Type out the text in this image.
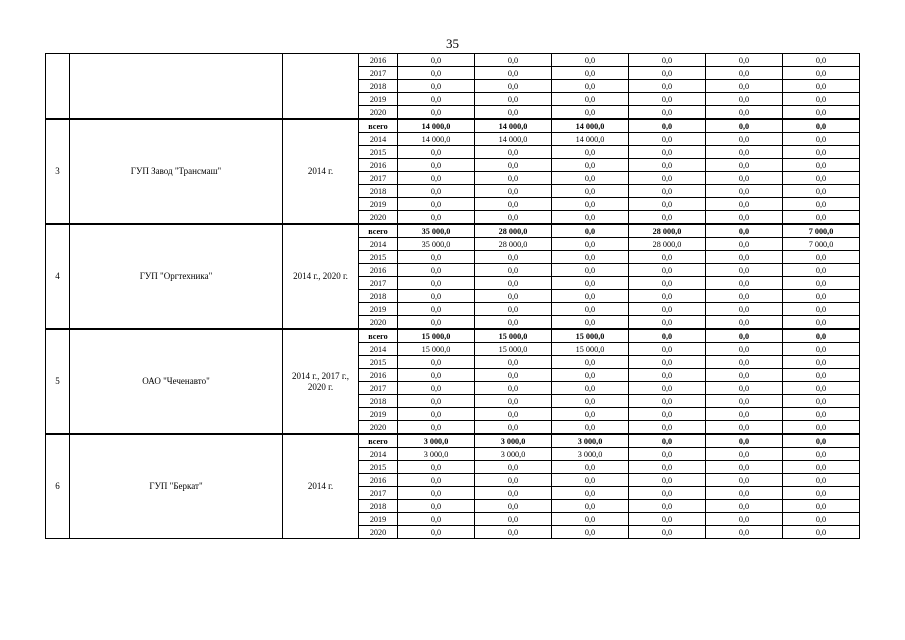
35
			2016	0,0	0,0	0,0	0,0	0,0	0,0
			2017	0,0	0,0	0,0	0,0	0,0	0,0
			2018	0,0	0,0	0,0	0,0	0,0	0,0
			2019	0,0	0,0	0,0	0,0	0,0	0,0
			2020	0,0	0,0	0,0	0,0	0,0	0,0
3	ГУП Завод "Трансмаш"	2014 г.	всего	14 000,0	14 000,0	14 000,0	0,0	0,0	0,0
			2014	14 000,0	14 000,0	14 000,0	0,0	0,0	0,0
			2015	0,0	0,0	0,0	0,0	0,0	0,0
			2016	0,0	0,0	0,0	0,0	0,0	0,0
			2017	0,0	0,0	0,0	0,0	0,0	0,0
			2018	0,0	0,0	0,0	0,0	0,0	0,0
			2019	0,0	0,0	0,0	0,0	0,0	0,0
			2020	0,0	0,0	0,0	0,0	0,0	0,0
4	ГУП "Оргтехника"	2014 г., 2020 г.	всего	35 000,0	28 000,0	0,0	28 000,0	0,0	7 000,0
			2014	35 000,0	28 000,0	0,0	28 000,0	0,0	7 000,0
			2015	0,0	0,0	0,0	0,0	0,0	0,0
			2016	0,0	0,0	0,0	0,0	0,0	0,0
			2017	0,0	0,0	0,0	0,0	0,0	0,0
			2018	0,0	0,0	0,0	0,0	0,0	0,0
			2019	0,0	0,0	0,0	0,0	0,0	0,0
			2020	0,0	0,0	0,0	0,0	0,0	0,0
5	ОАО "Чеченавто"	2014 г., 2017 г., 2020 г.	всего	15 000,0	15 000,0	15 000,0	0,0	0,0	0,0
			2014	15 000,0	15 000,0	15 000,0	0,0	0,0	0,0
			2015	0,0	0,0	0,0	0,0	0,0	0,0
			2016	0,0	0,0	0,0	0,0	0,0	0,0
			2017	0,0	0,0	0,0	0,0	0,0	0,0
			2018	0,0	0,0	0,0	0,0	0,0	0,0
			2019	0,0	0,0	0,0	0,0	0,0	0,0
			2020	0,0	0,0	0,0	0,0	0,0	0,0
6	ГУП "Беркат"	2014 г.	всего	3 000,0	3 000,0	3 000,0	0,0	0,0	0,0
			2014	3 000,0	3 000,0	3 000,0	0,0	0,0	0,0
			2015	0,0	0,0	0,0	0,0	0,0	0,0
			2016	0,0	0,0	0,0	0,0	0,0	0,0
			2017	0,0	0,0	0,0	0,0	0,0	0,0
			2018	0,0	0,0	0,0	0,0	0,0	0,0
			2019	0,0	0,0	0,0	0,0	0,0	0,0
			2020	0,0	0,0	0,0	0,0	0,0	0,0
